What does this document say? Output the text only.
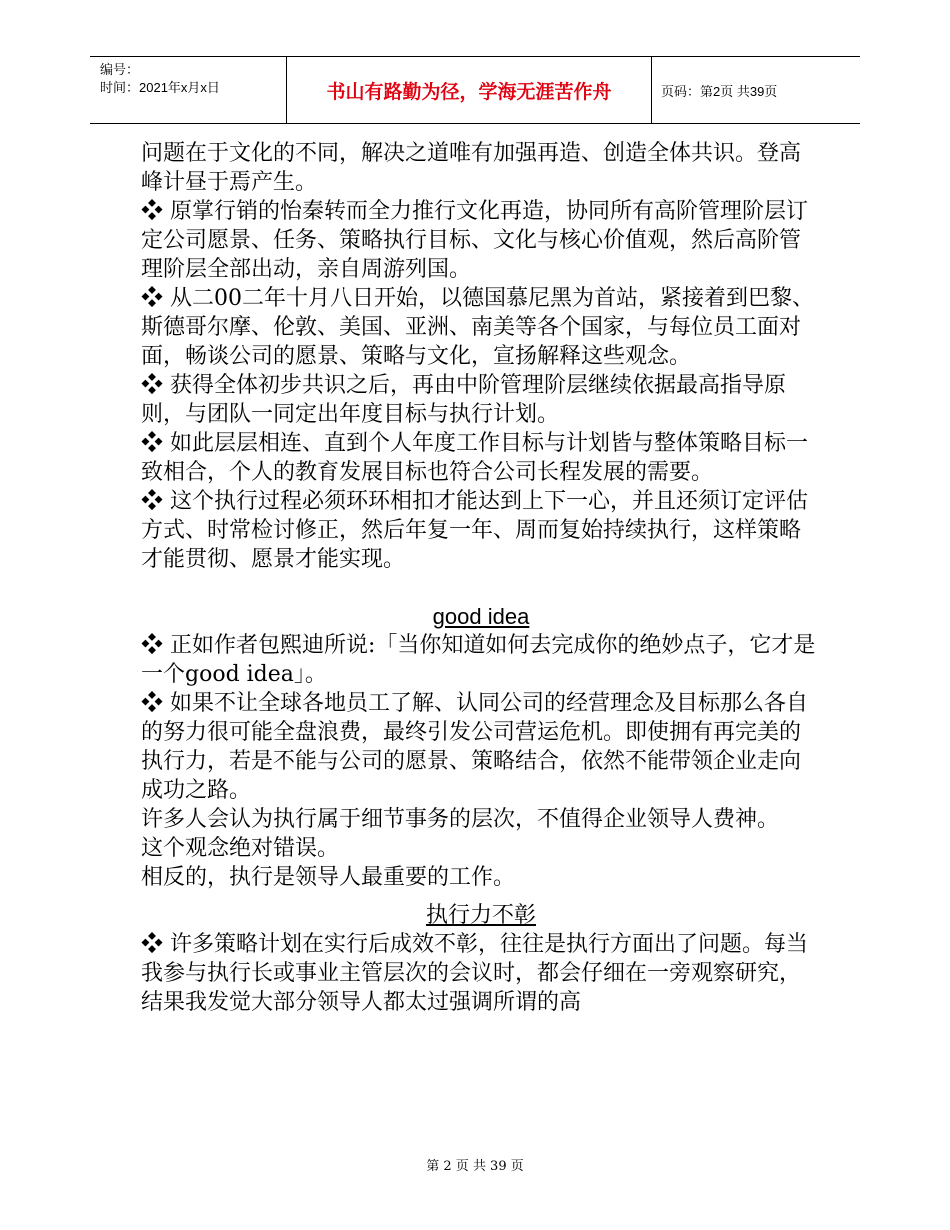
编号：
时间：2021年x月x日	书山有路勤为径，学海无涯苦作舟	页码：第2页 共39页

问题在于文化的不同，解决之道唯有加强再造、创造全体共识。登高峰计昼于焉产生。

❖ 原掌行销的怡秦转而全力推行文化再造，协同所有高阶管理阶层订定公司愿景、任务、策略执行目标、文化与核心价值观，然后高阶管理阶层全部出动，亲自周游列国。

❖ 从二00二年十月八日开始，以德国慕尼黑为首站，紧接着到巴黎、斯德哥尔摩、伦敦、美国、亚洲、南美等各个国家，与每位员工面对面，畅谈公司的愿景、策略与文化，宣扬解释这些观念。

❖ 获得全体初步共识之后，再由中阶管理阶层继续依据最高指导原则，与团队一同定出年度目标与执行计划。

❖ 如此层层相连、直到个人年度工作目标与计划皆与整体策略目标一致相合，个人的教育发展目标也符合公司长程发展的需要。

❖ 这个执行过程必须环环相扣才能达到上下一心，并且还须订定评估方式、时常检讨修正，然后年复一年、周而复始持续执行，这样策略才能贯彻、愿景才能实现。

good idea

❖ 正如作者包熙迪所说:「当你知道如何去完成你的绝妙点子，它才是一个good idea」。

❖ 如果不让全球各地员工了解、认同公司的经营理念及目标那么各自的努力很可能全盘浪费，最终引发公司营运危机。即使拥有再完美的执行力，若是不能与公司的愿景、策略结合，依然不能带领企业走向成功之路。

许多人会认为执行属于细节事务的层次，不值得企业领导人费神。

这个观念绝对错误。

相反的，执行是领导人最重要的工作。

执行力不彰

❖ 许多策略计划在实行后成效不彰，往往是执行方面出了问题。每当我参与执行长或事业主管层次的会议时，都会仔细在一旁观察研究，结果我发觉大部分领导人都太过强调所谓的高

第 2 页 共 39 页
